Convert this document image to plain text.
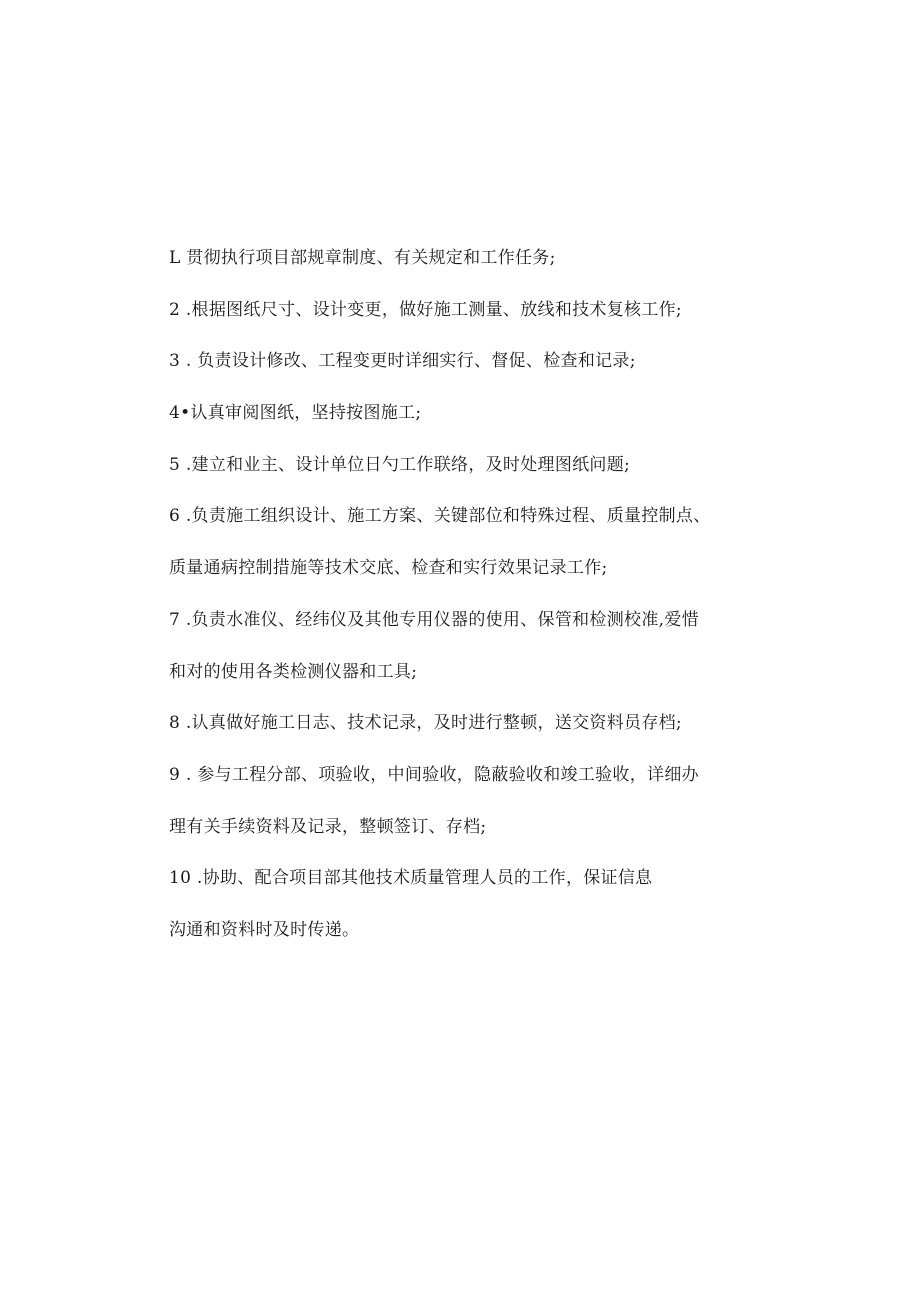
L 贯彻执行项目部规章制度、有关规定和工作任务;
2 .根据图纸尺寸、设计变更，做好施工测量、放线和技术复核工作;
3 . 负责设计修改、工程变更时详细实行、督促、检查和记录;
4•认真审阅图纸，坚持按图施工;
5 .建立和业主、设计单位日勺工作联络，及时处理图纸问题;
6 .负责施工组织设计、施工方案、关键部位和特殊过程、质量控制点、
质量通病控制措施等技术交底、检查和实行效果记录工作;
7 .负责水准仪、经纬仪及其他专用仪器的使用、保管和检测校准,爱惜
和对的使用各类检测仪器和工具;
8 .认真做好施工日志、技术记录，及时进行整顿，送交资料员存档;
9 . 参与工程分部、项验收，中间验收，隐蔽验收和竣工验收，详细办
理有关手续资料及记录，整顿签订、存档;
10 .协助、配合项目部其他技术质量管理人员的工作，保证信息
沟通和资料时及时传递。
